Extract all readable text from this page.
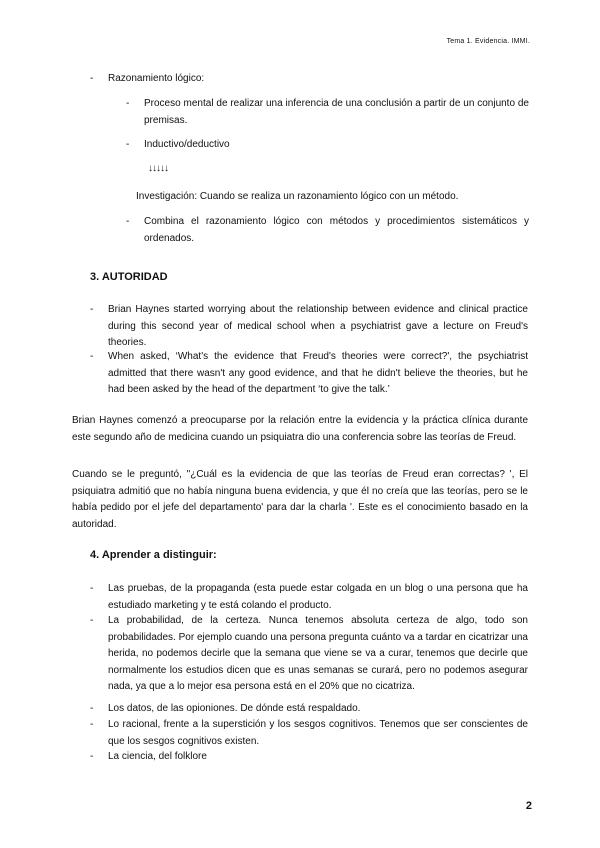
Tema 1. Evidencia. IMMI.
- Razonamiento lógico:
- Proceso mental de realizar una inferencia de una conclusión a partir de un conjunto de premisas.
- Inductivo/deductivo
↓↓↓↓↓
Investigación: Cuando se realiza un razonamiento lógico con un método.
- Combina el razonamiento lógico con métodos y procedimientos sistemáticos y ordenados.
3. AUTORIDAD
- Brian Haynes started worrying about the relationship between evidence and clinical practice during this second year of medical school when a psychiatrist gave a lecture on Freud's theories.
- When asked, ‘What's the evidence that Freud's theories were correct?', the psychiatrist admitted that there wasn't any good evidence, and that he didn't believe the theories, but he had been asked by the head of the department ‘to give the talk.’
Brian Haynes comenzó a preocuparse por la relación entre la evidencia y la práctica clínica durante este segundo año de medicina cuando un psiquiatra dio una conferencia sobre las teorías de Freud.
Cuando se le preguntó, "¿Cuál es la evidencia de que las teorías de Freud eran correctas? ', El psiquiatra admitió que no había ninguna buena evidencia, y que él no creía que las teorías, pero se le había pedido por el jefe del departamento' para dar la charla '. Este es el conocimiento basado en la autoridad.
4. Aprender a distinguir:
- Las pruebas, de la propaganda (esta puede estar colgada en un blog o una persona que ha estudiado marketing y te está colando el producto.
- La probabilidad, de la certeza. Nunca tenemos absoluta certeza de algo, todo son probabilidades. Por ejemplo cuando una persona pregunta cuánto va a tardar en cicatrizar una herida, no podemos decirle que la semana que viene se va a curar, tenemos que decirle que normalmente los estudios dicen que es unas semanas se curará, pero no podemos asegurar nada, ya que a lo mejor esa persona está en el 20% que no cicatriza.
- Los datos, de las opioniones. De dónde está respaldado.
- Lo racional, frente a la superstición y los sesgos cognitivos. Tenemos que ser conscientes de que los sesgos cognitivos existen.
- La ciencia, del folklore
2
